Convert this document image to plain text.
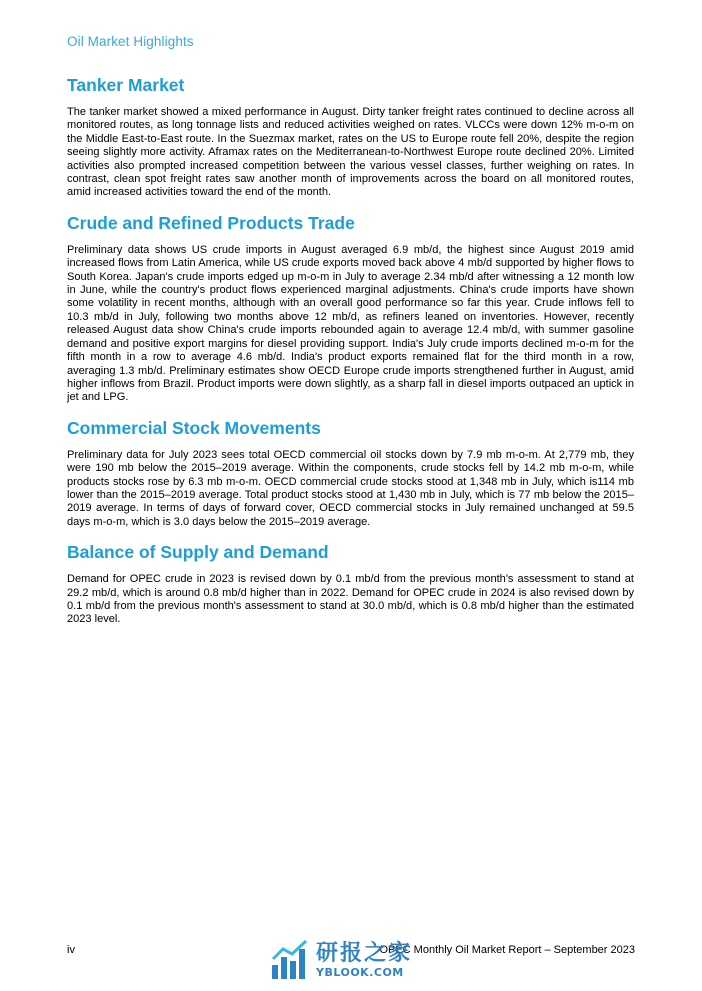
Oil Market Highlights
Tanker Market

The tanker market showed a mixed performance in August. Dirty tanker freight rates continued to decline across all monitored routes, as long tonnage lists and reduced activities weighed on rates. VLCCs were down 12% m-o-m on the Middle East-to-East route. In the Suezmax market, rates on the US to Europe route fell 20%, despite the region seeing slightly more activity. Aframax rates on the Mediterranean-to-Northwest Europe route declined 20%. Limited activities also prompted increased competition between the various vessel classes, further weighing on rates. In contrast, clean spot freight rates saw another month of improvements across the board on all monitored routes, amid increased activities toward the end of the month.

Crude and Refined Products Trade

Preliminary data shows US crude imports in August averaged 6.9 mb/d, the highest since August 2019 amid increased flows from Latin America, while US crude exports moved back above 4 mb/d supported by higher flows to South Korea. Japan's crude imports edged up m-o-m in July to average 2.34 mb/d after witnessing a 12 month low in June, while the country's product flows experienced marginal adjustments. China's crude imports have shown some volatility in recent months, although with an overall good performance so far this year. Crude inflows fell to 10.3 mb/d in July, following two months above 12 mb/d, as refiners leaned on inventories. However, recently released August data show China's crude imports rebounded again to average 12.4 mb/d, with summer gasoline demand and positive export margins for diesel providing support. India's July crude imports declined m-o-m for the fifth month in a row to average 4.6 mb/d. India's product exports remained flat for the third month in a row, averaging 1.3 mb/d. Preliminary estimates show OECD Europe crude imports strengthened further in August, amid higher inflows from Brazil. Product imports were down slightly, as a sharp fall in diesel imports outpaced an uptick in jet and LPG.

Commercial Stock Movements

Preliminary data for July 2023 sees total OECD commercial oil stocks down by 7.9 mb m-o-m. At 2,779 mb, they were 190 mb below the 2015–2019 average. Within the components, crude stocks fell by 14.2 mb m-o-m, while products stocks rose by 6.3 mb m-o-m. OECD commercial crude stocks stood at 1,348 mb in July, which is114 mb lower than the 2015–2019 average. Total product stocks stood at 1,430 mb in July, which is 77 mb below the 2015–2019 average. In terms of days of forward cover, OECD commercial stocks in July remained unchanged at 59.5 days m-o-m, which is 3.0 days below the 2015–2019 average.

Balance of Supply and Demand

Demand for OPEC crude in 2023 is revised down by 0.1 mb/d from the previous month's assessment to stand at 29.2 mb/d, which is around 0.8 mb/d higher than in 2022. Demand for OPEC crude in 2024 is also revised down by 0.1 mb/d from the previous month's assessment to stand at 30.0 mb/d, which is 0.8 mb/d higher than the estimated 2023 level.

iv	OPEC Monthly Oil Market Report – September 2023
研报之家
YBLOOK.COM
